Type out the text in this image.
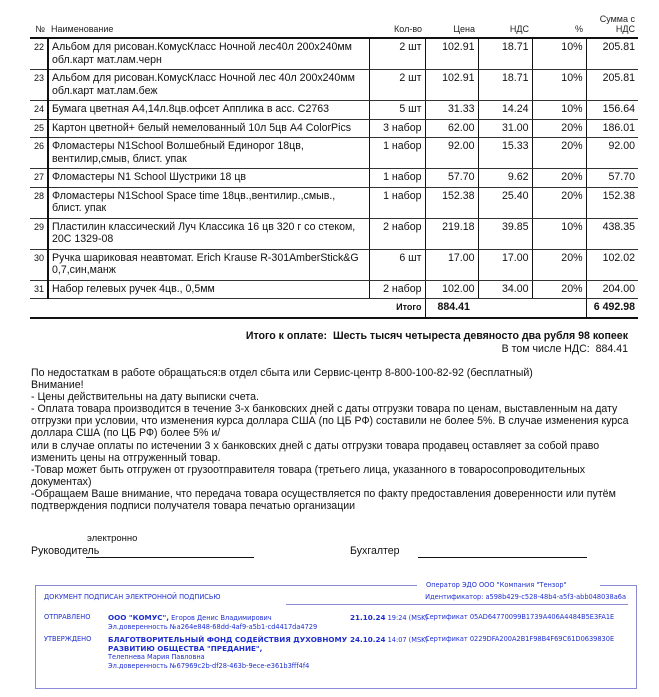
№	Наименование	Кол-во	Цена	НДС	%	Сумма с НДС
22	Альбом для рисован.КомусКласс Ночной лес40л 200х240мм обл.карт мат.лам.черн	2 шт	102.91	18.71	10%	205.81
23	Альбом для рисован.КомусКласс Ночной лес 40л 200х240мм обл.карт мат.лам.беж	2 шт	102.91	18.71	10%	205.81
24	Бумага цветная А4,14л.8цв.офсет Апплика в асс. С2763	5 шт	31.33	14.24	10%	156.64
25	Картон цветной+ белый немелованный 10л 5цв А4 ColorPics	3 набор	62.00	31.00	20%	186.01
26	Фломастеры N1School Волшебный Единорог 18цв, вентилир,смыв, блист. упак	1 набор	92.00	15.33	20%	92.00
27	Фломастеры N1 School Шустрики 18 цв	1 набор	57.70	9.62	20%	57.70
28	Фломастеры N1School Space time 18цв.,вентилир.,смыв., блист. упак	1 набор	152.38	25.40	20%	152.38
29	Пластилин классический Луч Классика 16 цв 320 г со стеком, 20С 1329-08	2 набор	219.18	39.85	10%	438.35
30	Ручка шариковая неавтомат. Erich Krause R-301AmberStick&G 0,7,син,манж	6 шт	17.00	17.00	20%	102.02
31	Набор гелевых ручек 4цв., 0,5мм	2 набор	102.00	34.00	20%	204.00
Итого			884.41			6 492.98
Итого к оплате: Шесть тысяч четыреста девяносто два рубля 98 копеек
В том числе НДС:  884.41
По недостаткам в работе обращаться:в отдел сбыта или Сервис-центр 8-800-100-82-92 (бесплатный)
Внимание!
- Цены действительны на дату выписки счета.
- Оплата товара производится в течение 3-х банковских дней с даты отгрузки товара по ценам, выставленным на дату отгрузки при условии, что изменения курса доллара США (по ЦБ РФ) составили не более 5%. В случае изменения курса доллара США (по ЦБ РФ) более 5% и/
или в случае оплаты по истечении 3 х банковских дней с даты отгрузки товара продавец оставляет за собой право изменить цены на отгруженный товар.
-Товар может быть отгружен от грузоотправителя товара (третьего лица, указанного в товаросопроводительных документах)
-Обращаем Ваше внимание, что передача товара осуществляется по факту предоставления доверенности или путём подтверждения подписи получателя товара печатью организации
электронно
Руководитель	Бухгалтер
Оператор ЭДО ООО "Компания "Тензор"
Идентификатор: a598b429-c528-48b4-a5f3-abb048038a6a
ДОКУМЕНТ ПОДПИСАН ЭЛЕКТРОННОЙ ПОДПИСЬЮ
ОТПРАВЛЕНО ООО "КОМУС", Егоров Денис Владимирович
Эл.доверенность №a264e848-68dd-4af9-a5b1-cd4417da4729
21.10.24 19:24 (MSK)
Сертификат 05AD64770099B1739A406A4484B5E3FA1E
УТВЕРЖДЕНО БЛАГОТВОРИТЕЛЬНЫЙ ФОНД СОДЕЙСТВИЯ ДУХОВНОМУ РАЗВИТИЮ ОБЩЕСТВА "ПРЕДАНИЕ",
Телепнева Мария Павловна
Эл.доверенность №67969c2b-df28-463b-9ece-e361b3fff4f4
24.10.24 14:07 (MSK)
Сертификат 0229DFA200A2B1F98B4F69C61D0639830E
